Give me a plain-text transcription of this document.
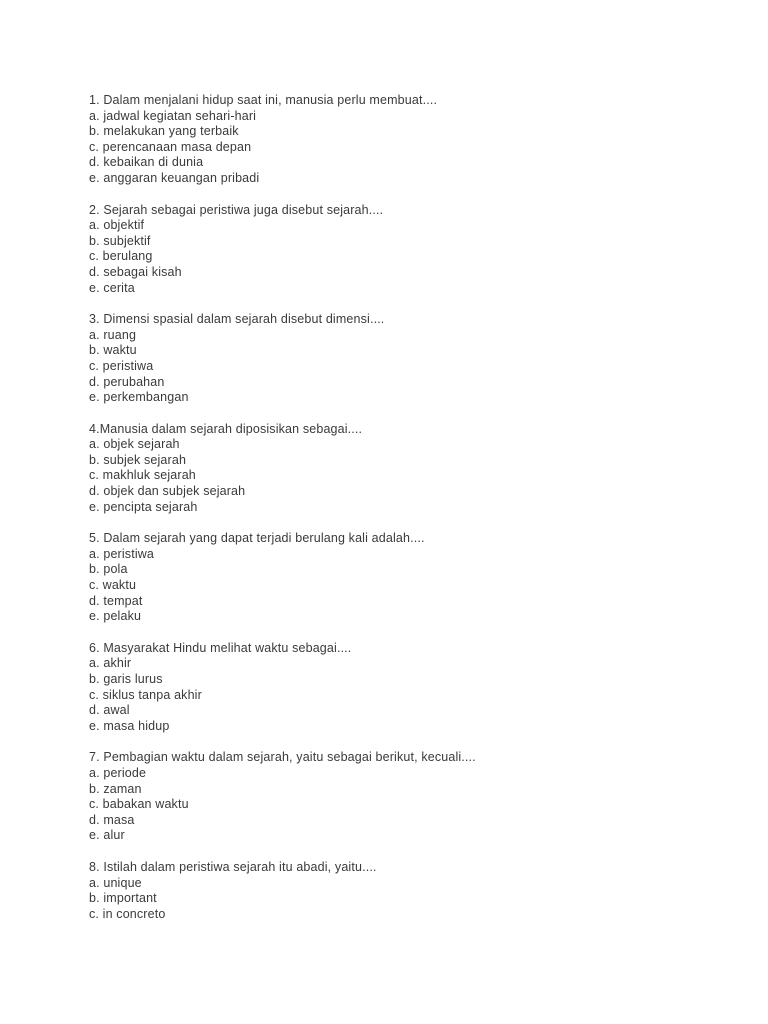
1. Dalam menjalani hidup saat ini, manusia perlu membuat....
a. jadwal kegiatan sehari-hari
b. melakukan yang terbaik
c. perencanaan masa depan
d. kebaikan di dunia
e. anggaran keuangan pribadi
2. Sejarah sebagai peristiwa juga disebut sejarah....
a. objektif
b. subjektif
c. berulang
d. sebagai kisah
e. cerita
3. Dimensi spasial dalam sejarah disebut dimensi....
a. ruang
b. waktu
c. peristiwa
d. perubahan
e. perkembangan
4.Manusia dalam sejarah diposisikan sebagai....
a. objek sejarah
b. subjek sejarah
c. makhluk sejarah
d. objek dan subjek sejarah
e. pencipta sejarah
5. Dalam sejarah yang dapat terjadi berulang kali adalah....
a. peristiwa
b. pola
c. waktu
d. tempat
e. pelaku
6. Masyarakat Hindu melihat waktu sebagai....
a. akhir
b. garis lurus
c. siklus tanpa akhir
d. awal
e. masa hidup
7. Pembagian waktu dalam sejarah, yaitu sebagai berikut, kecuali....
a. periode
b. zaman
c. babakan waktu
d. masa
e. alur
8. Istilah dalam peristiwa sejarah itu abadi, yaitu....
a. unique
b. important
c. in concreto
